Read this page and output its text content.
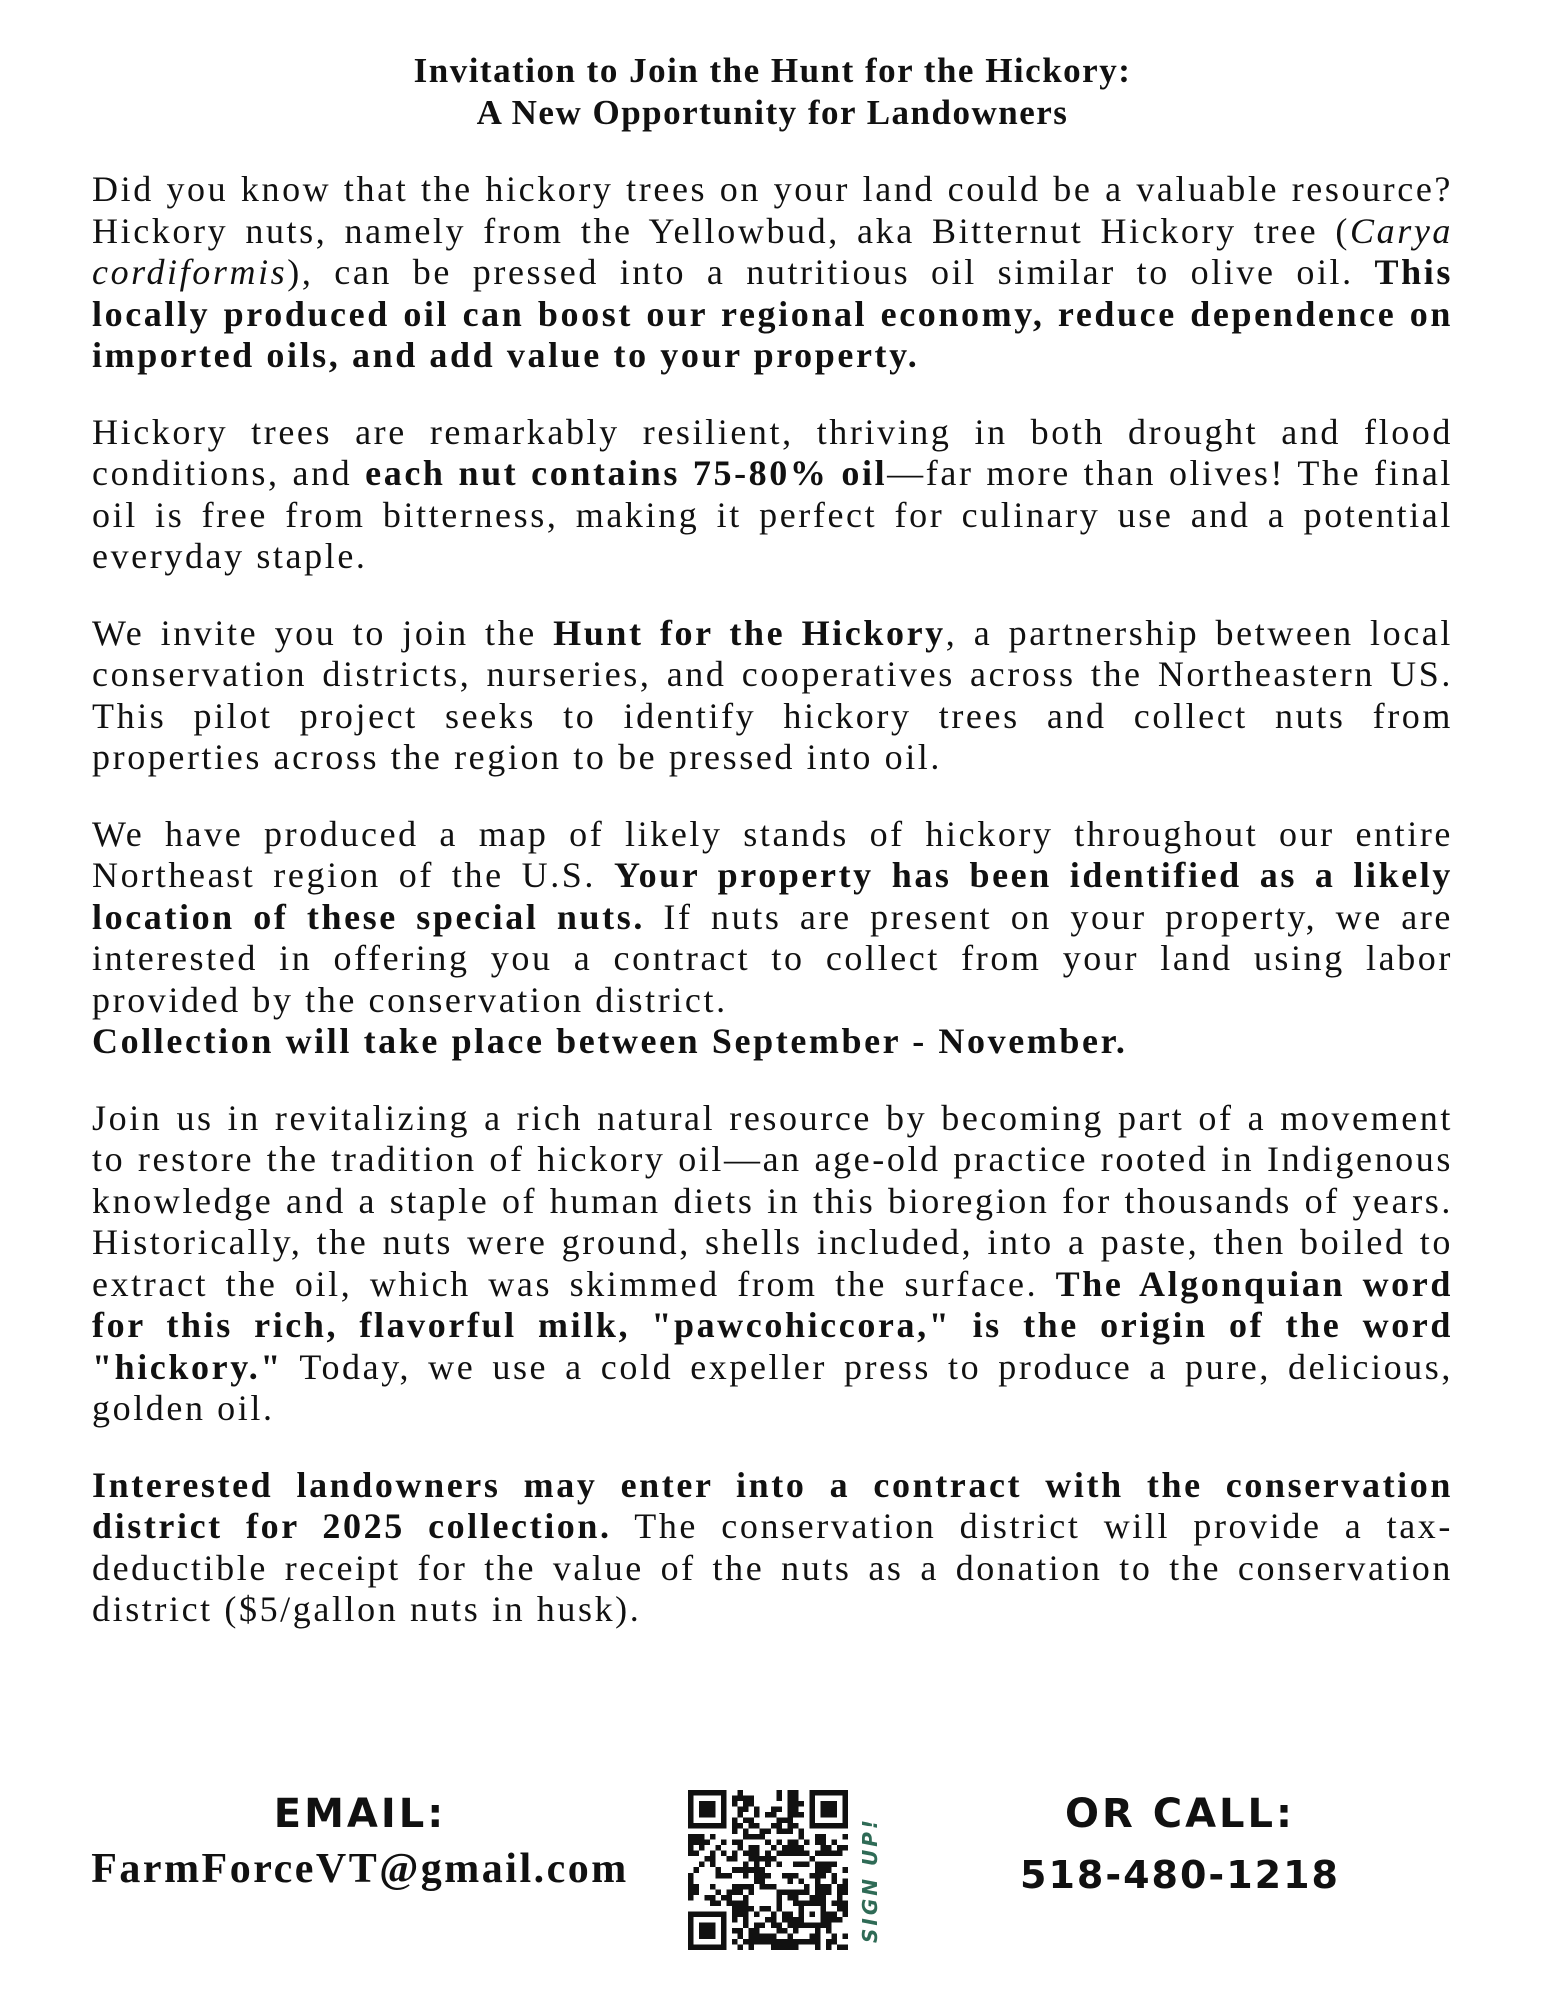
Invitation to Join the Hunt for the Hickory:
A New Opportunity for Landowners

Did you know that the hickory trees on your land could be a valuable resource? Hickory nuts, namely from the Yellowbud, aka Bitternut Hickory tree (Carya cordiformis), can be pressed into a nutritious oil similar to olive oil. This locally produced oil can boost our regional economy, reduce dependence on imported oils, and add value to your property.

Hickory trees are remarkably resilient, thriving in both drought and flood conditions, and each nut contains 75-80% oil—far more than olives! The final oil is free from bitterness, making it perfect for culinary use and a potential everyday staple.

We invite you to join the Hunt for the Hickory, a partnership between local conservation districts, nurseries, and cooperatives across the Northeastern US. This pilot project seeks to identify hickory trees and collect nuts from properties across the region to be pressed into oil.

We have produced a map of likely stands of hickory throughout our entire Northeast region of the U.S. Your property has been identified as a likely location of these special nuts. If nuts are present on your property, we are interested in offering you a contract to collect from your land using labor provided by the conservation district.
Collection will take place between September - November.

Join us in revitalizing a rich natural resource by becoming part of a movement to restore the tradition of hickory oil—an age-old practice rooted in Indigenous knowledge and a staple of human diets in this bioregion for thousands of years. Historically, the nuts were ground, shells included, into a paste, then boiled to extract the oil, which was skimmed from the surface. The Algonquian word for this rich, flavorful milk, "pawcohiccora," is the origin of the word "hickory." Today, we use a cold expeller press to produce a pure, delicious, golden oil.

Interested landowners may enter into a contract with the conservation district for 2025 collection. The conservation district will provide a tax-deductible receipt for the value of the nuts as a donation to the conservation district ($5/gallon nuts in husk).

EMAIL:
FarmForceVT@gmail.com	SIGN UP!
OR CALL:
518-480-1218
